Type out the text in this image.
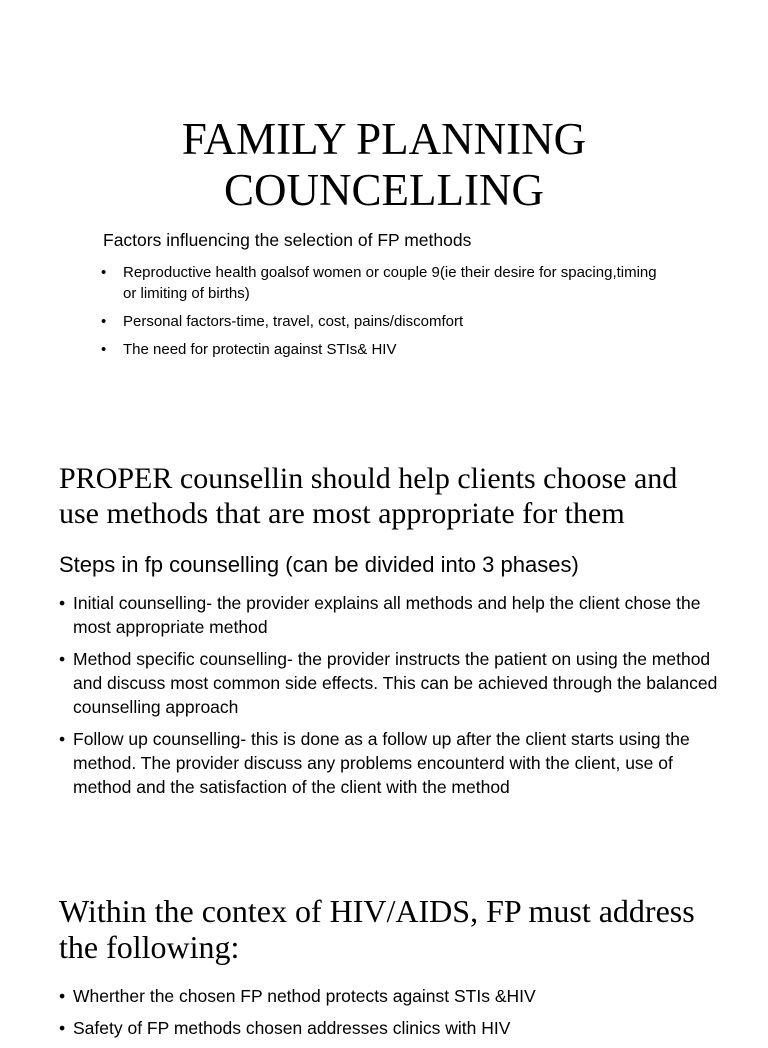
FAMILY PLANNING
COUNCELLING

Factors influencing the selection of FP methods

• Reproductive health goalsof women or couple 9(ie their desire for spacing,timing or limiting of births)
• Personal factors-time, travel, cost, pains/discomfort
• The need for protectin against STIs& HIV
PROPER counsellin should help clients choose and use methods that are most appropriate for them
Steps in fp counselling (can be divided into 3 phases)
• Initial counselling- the provider explains all methods and help the client chose the most appropriate method
• Method specific counselling- the provider instructs the patient on using the method and discuss most common side effects. This can be achieved through the balanced counselling approach
• Follow up counselling- this is done as a follow up after the client starts using the method. The provider discuss any problems encounterd with the client, use of method and the satisfaction of the client with the method
Within the contex of HIV/AIDS, FP must address the following:
• Wherther the chosen FP nethod protects against STIs &HIV
• Safety of FP methods chosen addresses clinics with HIV
